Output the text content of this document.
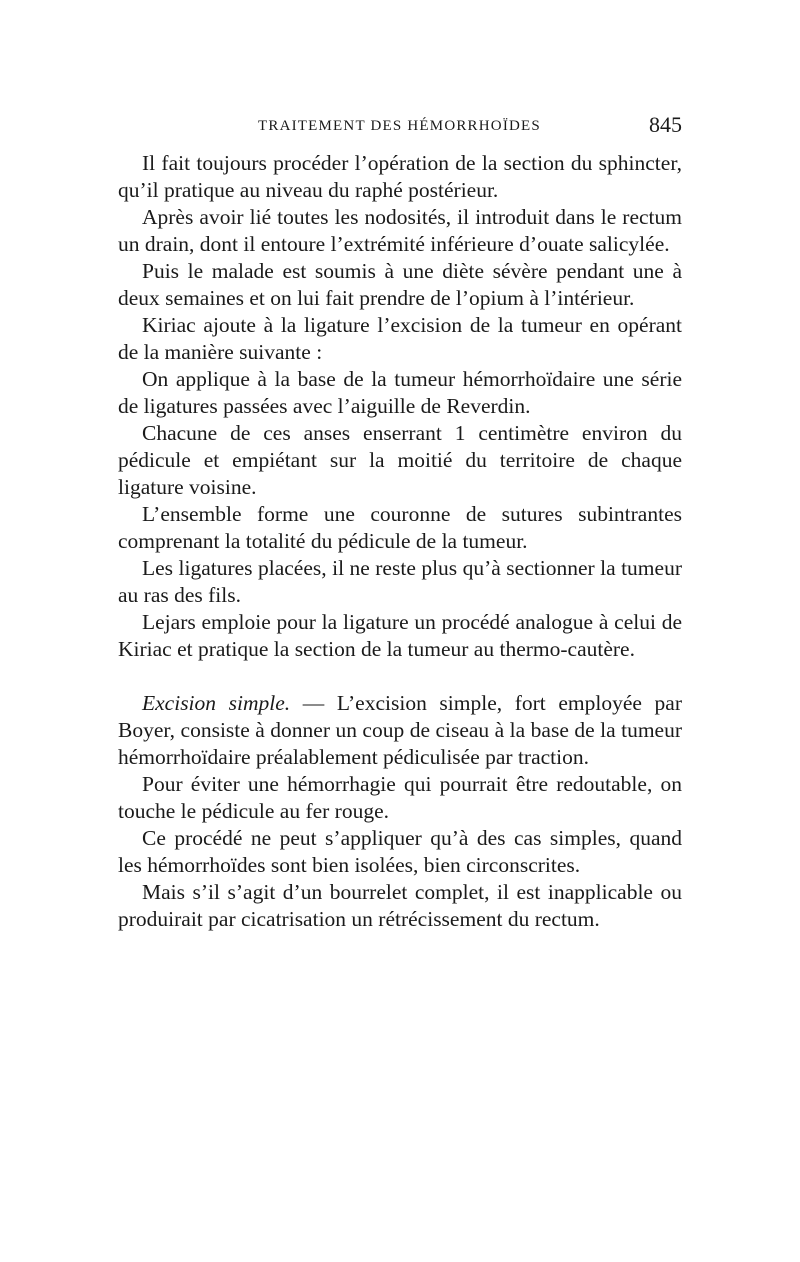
TRAITEMENT DES HÉMORRHOÏDES	845

Il fait toujours procéder l’opération de la section du sphincter, qu’il pratique au niveau du raphé postérieur.

Après avoir lié toutes les nodosités, il introduit dans le rectum un drain, dont il entoure l’extrémité inférieure d’ouate salicylée.

Puis le malade est soumis à une diète sévère pendant une à deux semaines et on lui fait prendre de l’opium à l’intérieur.

Kiriac ajoute à la ligature l’excision de la tumeur en opérant de la manière suivante :

On applique à la base de la tumeur hémorrhoïdaire une série de ligatures passées avec l’aiguille de Reverdin.

Chacune de ces anses enserrant 1 centimètre environ du pédicule et empiétant sur la moitié du territoire de chaque ligature voisine.

L’ensemble forme une couronne de sutures subintrantes comprenant la totalité du pédicule de la tumeur.

Les ligatures placées, il ne reste plus qu’à sectionner la tumeur au ras des fils.

Lejars emploie pour la ligature un procédé analogue à celui de Kiriac et pratique la section de la tumeur au thermo-cautère.

Excision simple. — L’excision simple, fort employée par Boyer, consiste à donner un coup de ciseau à la base de la tumeur hémorrhoïdaire préalablement pédiculisée par traction.

Pour éviter une hémorrhagie qui pourrait être redoutable, on touche le pédicule au fer rouge.

Ce procédé ne peut s’appliquer qu’à des cas simples, quand les hémorrhoïdes sont bien isolées, bien circonscrites.

Mais s’il s’agit d’un bourrelet complet, il est inapplicable ou produirait par cicatrisation un rétrécissement du rectum.
